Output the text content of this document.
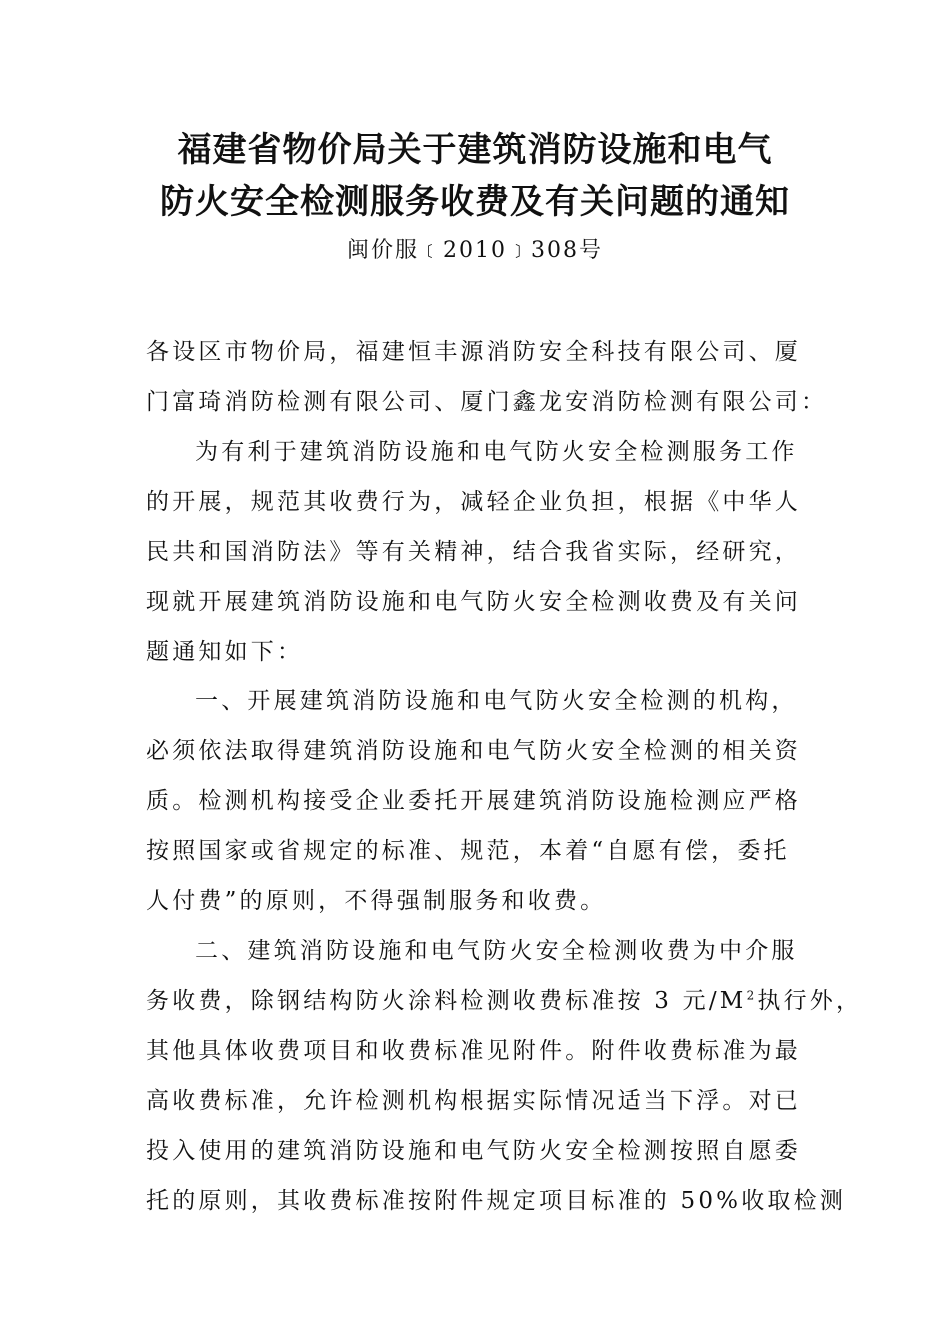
福建省物价局关于建筑消防设施和电气
防火安全检测服务收费及有关问题的通知
闽价服﹝2010﹞308号
各设区市物价局，福建恒丰源消防安全科技有限公司、厦
门富琦消防检测有限公司、厦门鑫龙安消防检测有限公司：
为有利于建筑消防设施和电气防火安全检测服务工作
的开展，规范其收费行为，减轻企业负担，根据《中华人
民共和国消防法》等有关精神，结合我省实际，经研究，
现就开展建筑消防设施和电气防火安全检测收费及有关问
题通知如下：
一、开展建筑消防设施和电气防火安全检测的机构，
必须依法取得建筑消防设施和电气防火安全检测的相关资
质。检测机构接受企业委托开展建筑消防设施检测应严格
按照国家或省规定的标准、规范，本着“自愿有偿，委托
人付费”的原则，不得强制服务和收费。
二、建筑消防设施和电气防火安全检测收费为中介服
务收费，除钢结构防火涂料检测收费标准按 3 元$/M^2$执行外，
其他具体收费项目和收费标准见附件。附件收费标准为最
高收费标准，允许检测机构根据实际情况适当下浮。对已
投入使用的建筑消防设施和电气防火安全检测按照自愿委
托的原则，其收费标准按附件规定项目标准的 50%收取检测
